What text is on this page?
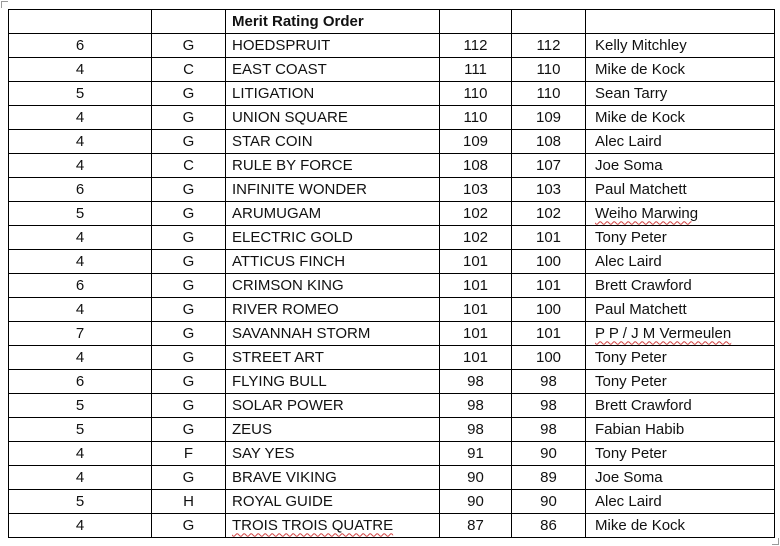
		Merit Rating Order			
6	G	HOEDSPRUIT	112	112	Kelly Mitchley
4	C	EAST COAST	111	110	Mike de Kock
5	G	LITIGATION	110	110	Sean Tarry
4	G	UNION SQUARE	110	109	Mike de Kock
4	G	STAR COIN	109	108	Alec Laird
4	C	RULE BY FORCE	108	107	Joe Soma
6	G	INFINITE WONDER	103	103	Paul Matchett
5	G	ARUMUGAM	102	102	Weiho Marwing
4	G	ELECTRIC GOLD	102	101	Tony Peter
4	G	ATTICUS FINCH	101	100	Alec Laird
6	G	CRIMSON KING	101	101	Brett Crawford
4	G	RIVER ROMEO	101	100	Paul Matchett
7	G	SAVANNAH STORM	101	101	P P / J M Vermeulen
4	G	STREET ART	101	100	Tony Peter
6	G	FLYING BULL	98	98	Tony Peter
5	G	SOLAR POWER	98	98	Brett Crawford
5	G	ZEUS	98	98	Fabian Habib
4	F	SAY YES	91	90	Tony Peter
4	G	BRAVE VIKING	90	89	Joe Soma
5	H	ROYAL GUIDE	90	90	Alec Laird
4	G	TROIS TROIS QUATRE	87	86	Mike de Kock
